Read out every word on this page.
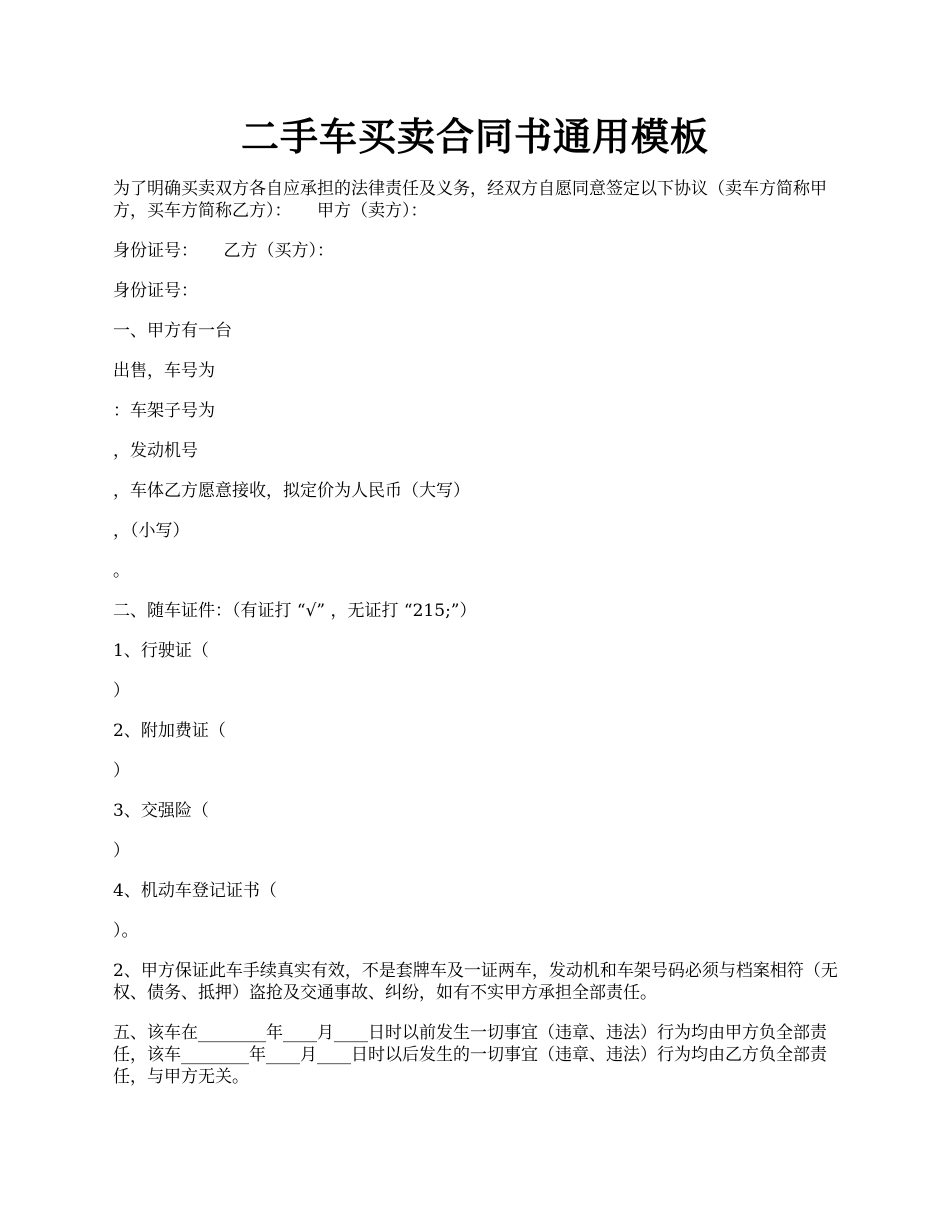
二手车买卖合同书通用模板

为了明确买卖双方各自应承担的法律责任及义务，经双方自愿同意签定以下协议（卖车方简称甲方，买车方简称乙方）：　　甲方（卖方）：

身份证号：　　乙方（买方）：

身份证号：

一、甲方有一台

出售，车号为

：车架子号为

，发动机号

，车体乙方愿意接收，拟定价为人民币（大写）

，（小写）

。

二、随车证件：（有证打 “√” ，无证打 “215;”）

1、行驶证（

）

2、附加费证（

）

3、交强险（

）

4、机动车登记证书（

）。

2、甲方保证此车手续真实有效，不是套牌车及一证两车，发动机和车架号码必须与档案相符（无权、债务、抵押）盗抢及交通事故、纠纷，如有不实甲方承担全部责任。

五、该车在________年____月____日时以前发生一切事宜（违章、违法）行为均由甲方负全部责任，该车________年____月____日时以后发生的一切事宜（违章、违法）行为均由乙方负全部责任，与甲方无关。
